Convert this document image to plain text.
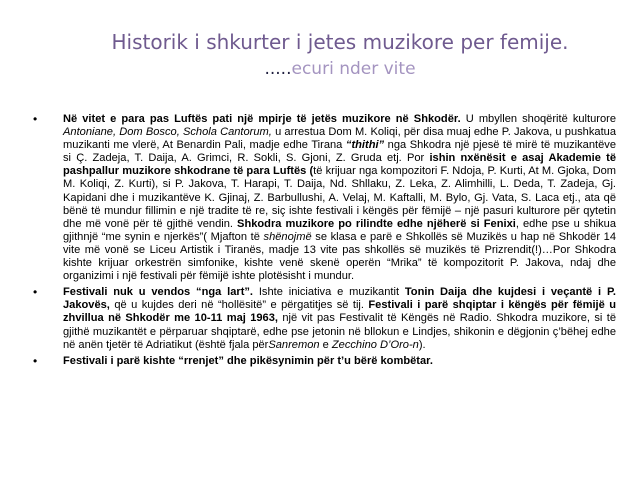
Historik i shkurter i jetes muzikore per femije.
.....ecuri nder vite
• Në vitet e para pas Luftës pati një mpirje të jetës muzikore në Shkodër. U mbyllen shoqëritë kulturore Antoniane, Dom Bosco, Schola Cantorum, u arrestua Dom M. Koliqi, për disa muaj edhe P. Jakova, u pushkatua muzikanti me vlerë, At Benardin Pali, madje edhe Tirana “thithi” nga Shkodra një pjesë të mirë të muzikantëve si Ç. Zadeja, T. Daija, A. Grimci, R. Sokli, S. Gjoni, Z. Gruda etj. Por ishin nxënësit e asaj Akademie të pashpallur muzikore shkodrane të para Luftës (të krijuar nga kompozitori F. Ndoja, P. Kurti, At M. Gjoka, Dom M. Koliqi, Z. Kurti), si P. Jakova, T. Harapi, T. Daija, Nd. Shllaku, Z. Leka, Z. Alimhilli, L. Deda, T. Zadeja, Gj. Kapidani dhe i muzikantëve K. Gjinaj, Z. Barbullushi, A. Velaj, M. Kaftalli, M. Bylo, Gj. Vata, S. Laca etj., ata që bënë të mundur fillimin e një tradite të re, siç ishte festivali i këngës për fëmijë – një pasuri kulturore për qytetin dhe më vonë për të gjithë vendin. Shkodra muzikore po rilindte edhe njëherë si Fenixi, edhe pse u shikua gjithnjë “me synin e njerkës”( Mjafton të shënojmë se klasa e parë e Shkollës së Muzikës u hap në Shkodër 14 vite më vonë se Liceu Artistik i Tiranës, madje 13 vite pas shkollës së muzikës të Prizrendit(!)…Por Shkodra kishte krijuar orkestrën simfonike, kishte venë skenë operën “Mrika” të kompozitorit P. Jakova, ndaj dhe organizimi i një festivali për fëmijë ishte plotësisht i mundur.
• Festivali nuk u vendos “nga lart”. Ishte iniciativa e muzikantit Tonin Daija dhe kujdesi i veçantë i P. Jakovës, që u kujdes deri në “hollësitë” e përgatitjes së tij. Festivali i parë shqiptar i këngës për fëmijë u zhvillua në Shkodër me 10-11 maj 1963, një vit pas Festivalit të Këngës në Radio. Shkodra muzikore, si të gjithë muzikantët e përparuar shqiptarë, edhe pse jetonin në bllokun e Lindjes, shikonin e dëgjonin ç’bëhej edhe në anën tjetër të Adriatikut (është fjala përSanremon e Zecchino D’Oro-n).
• Festivali i parë kishte “rrenjet” dhe pikësynimin për t’u bërë kombëtar.
